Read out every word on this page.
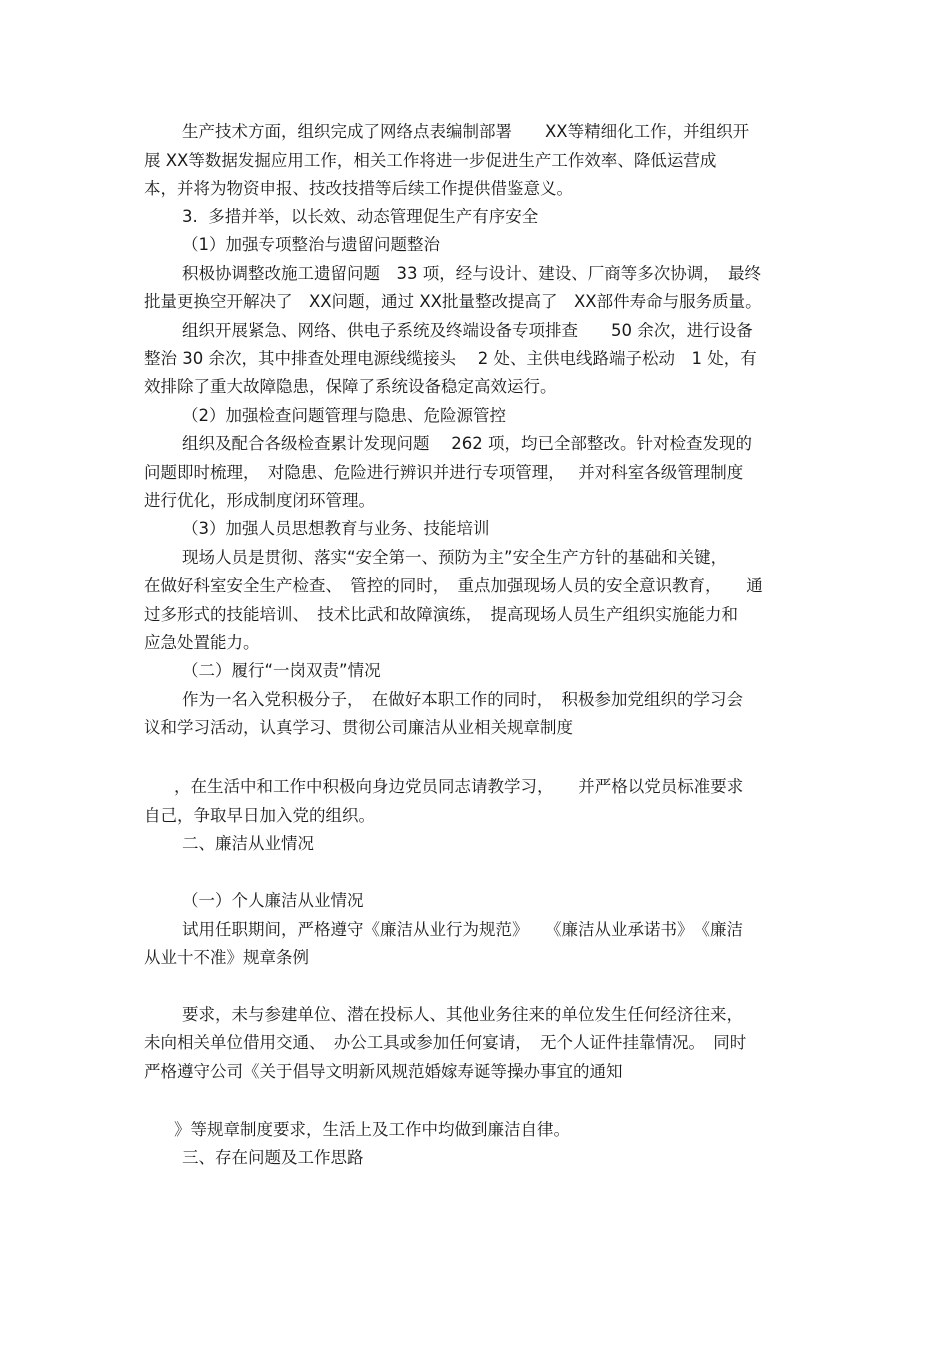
生产技术方面，组织完成了网络点表编制部署　　XX等精细化工作，并组织开

展 XX等数据发掘应用工作，相关工作将进一步促进生产工作效率、降低运营成

本，并将为物资申报、技改技措等后续工作提供借鉴意义。

3.  多措并举，以长效、动态管理促生产有序安全

（1）加强专项整治与遗留问题整治

积极协调整改施工遗留问题　33 项，经与设计、建设、厂商等多次协调，　最终

批量更换空开解决了　XX问题，通过 XX批量整改提高了　XX部件寿命与服务质量。

组织开展紧急、网络、供电子系统及终端设备专项排查　　50 余次，进行设备

整治 30 余次，其中排查处理电源线缆接头　 2 处、主供电线路端子松动　1 处，有

效排除了重大故障隐患，保障了系统设备稳定高效运行。

（2）加强检查问题管理与隐患、危险源管控

组织及配合各级检查累计发现问题　 262 项，均已全部整改。针对检查发现的

问题即时梳理，　对隐患、危险进行辨识并进行专项管理，　 并对科室各级管理制度

进行优化，形成制度闭环管理。

（3）加强人员思想教育与业务、技能培训

现场人员是贯彻、落实“安全第一、预防为主”安全生产方针的基础和关键，

在做好科室安全生产检查、　管控的同时，　重点加强现场人员的安全意识教育，　　通

过多形式的技能培训、　技术比武和故障演练，　提高现场人员生产组织实施能力和

应急处置能力。

（二）履行“一岗双责”情况

作为一名入党积极分子，　在做好本职工作的同时，　积极参加党组织的学习会

议和学习活动，认真学习、贯彻公司廉洁从业相关规章制度

，在生活中和工作中积极向身边党员同志请教学习，　　并严格以党员标准要求

自己，争取早日加入党的组织。

二、廉洁从业情况

（一）个人廉洁从业情况

试用任职期间，严格遵守《廉洁从业行为规范》　　《廉洁从业承诺书》　《廉洁

从业十不准》规章条例

要求，未与参建单位、潜在投标人、其他业务往来的单位发生任何经济往来，

未向相关单位借用交通、　办公工具或参加任何宴请，　无个人证件挂靠情况。　同时

严格遵守公司《关于倡导文明新风规范婚嫁寿诞等操办事宜的通知

》等规章制度要求，生活上及工作中均做到廉洁自律。

三、存在问题及工作思路
